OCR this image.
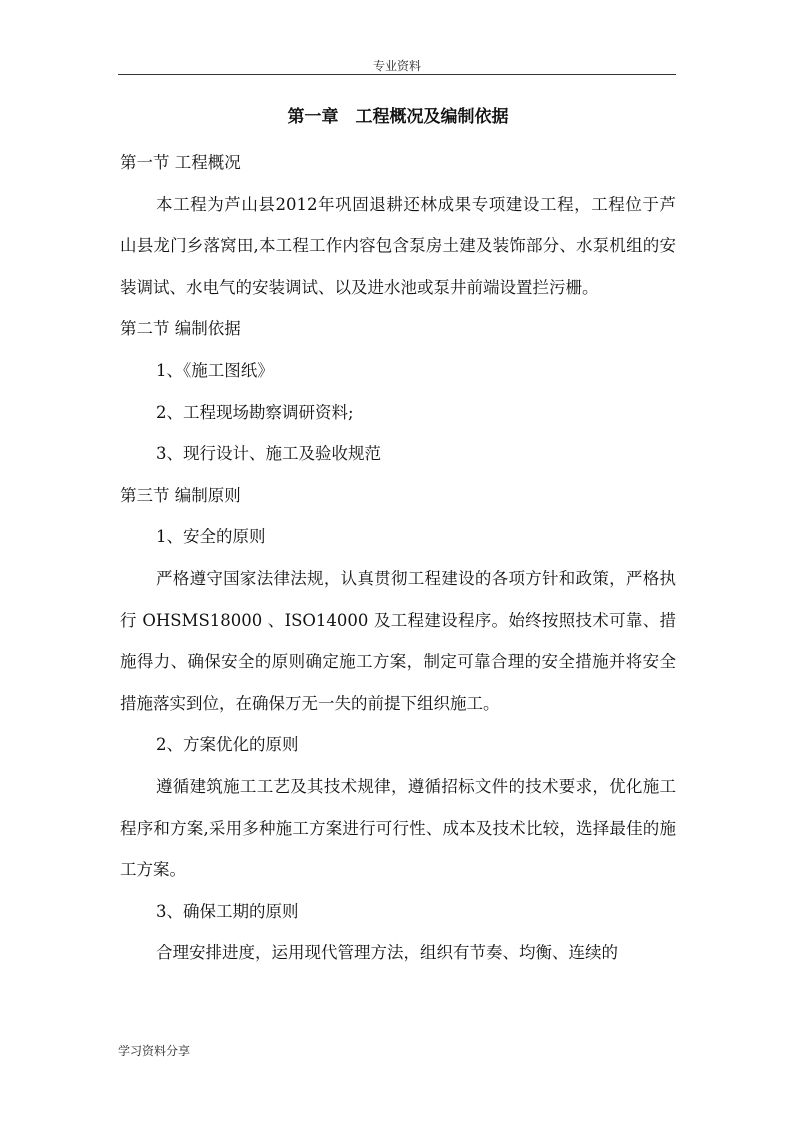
专业资料
第一章　工程概况及编制依据
第一节 工程概况
本工程为芦山县2012年巩固退耕还林成果专项建设工程，工程位于芦山县龙门乡落窝田,本工程工作内容包含泵房土建及装饰部分、水泵机组的安装调试、水电气的安装调试、以及进水池或泵井前端设置拦污栅。
第二节 编制依据
1、《施工图纸》
2、工程现场勘察调研资料;
3、现行设计、施工及验收规范
第三节 编制原则
1、安全的原则
严格遵守国家法律法规，认真贯彻工程建设的各项方针和政策，严格执行 OHSMS18000 、ISO14000 及工程建设程序。始终按照技术可靠、措施得力、确保安全的原则确定施工方案，制定可靠合理的安全措施并将安全措施落实到位，在确保万无一失的前提下组织施工。
2、方案优化的原则
遵循建筑施工工艺及其技术规律，遵循招标文件的技术要求，优化施工程序和方案,采用多种施工方案进行可行性、成本及技术比较，选择最佳的施工方案。
3、确保工期的原则
合理安排进度，运用现代管理方法，组织有节奏、均衡、连续的
学习资料分享
